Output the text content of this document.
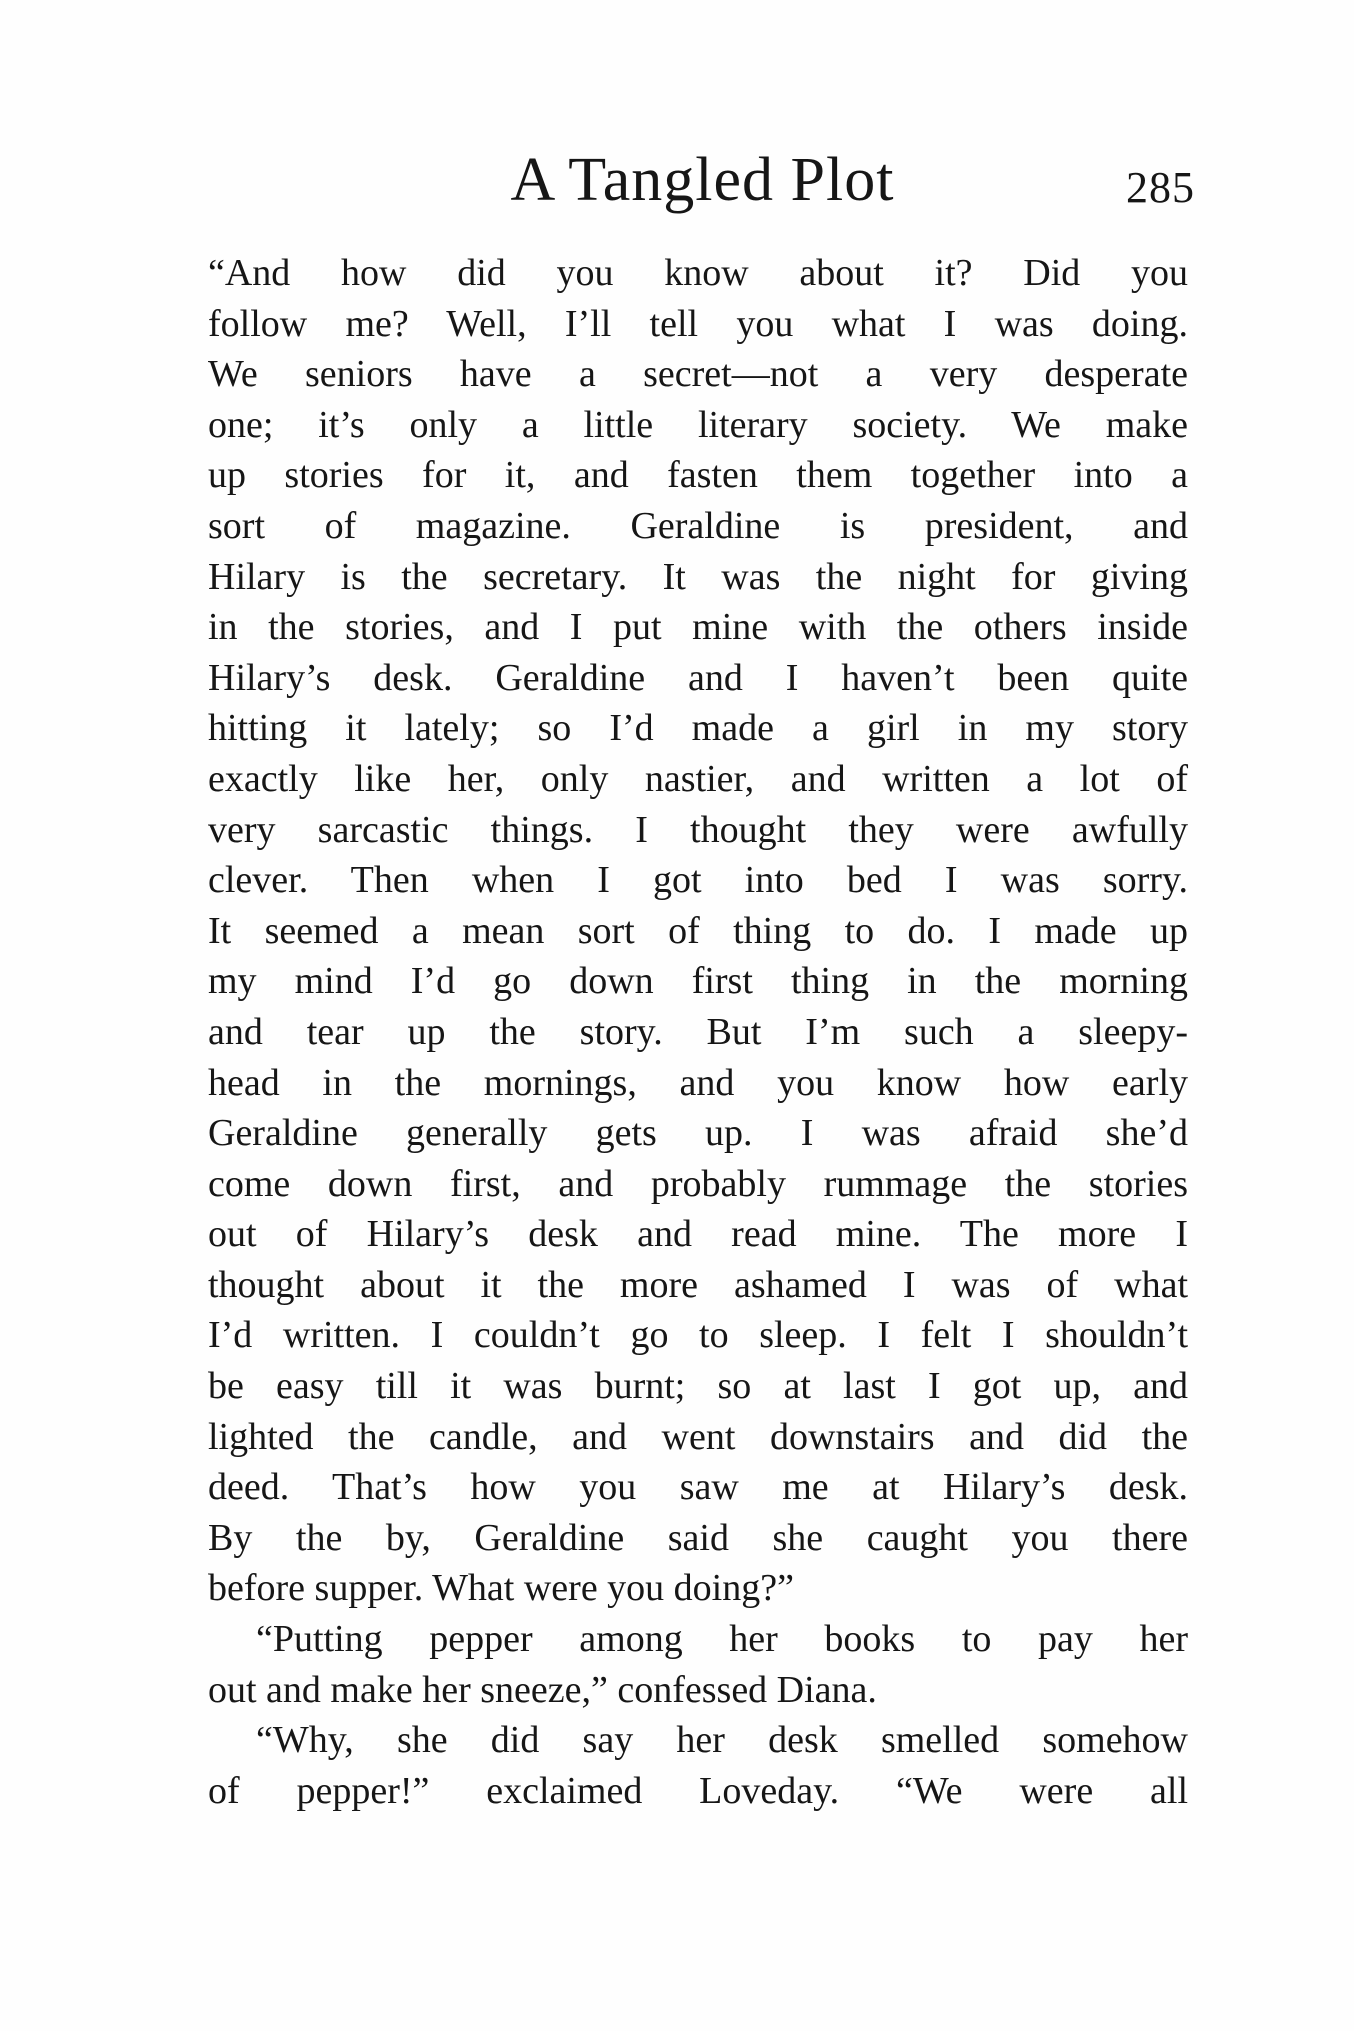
A Tangled Plot	285
“And how did you know about it? Did you
follow me? Well, I’ll tell you what I was doing.
We seniors have a secret—not a very desperate
one; it’s only a little literary society. We make
up stories for it, and fasten them together into a
sort of magazine. Geraldine is president, and
Hilary is the secretary. It was the night for giving
in the stories, and I put mine with the others inside
Hilary’s desk. Geraldine and I haven’t been quite
hitting it lately; so I’d made a girl in my story
exactly like her, only nastier, and written a lot of
very sarcastic things. I thought they were awfully
clever. Then when I got into bed I was sorry.
It seemed a mean sort of thing to do. I made up
my mind I’d go down first thing in the morning
and tear up the story. But I’m such a sleepy-
head in the mornings, and you know how early
Geraldine generally gets up. I was afraid she’d
come down first, and probably rummage the stories
out of Hilary’s desk and read mine. The more I
thought about it the more ashamed I was of what
I’d written. I couldn’t go to sleep. I felt I shouldn’t
be easy till it was burnt; so at last I got up, and
lighted the candle, and went downstairs and did the
deed. That’s how you saw me at Hilary’s desk.
By the by, Geraldine said she caught you there
before supper. What were you doing?”
“Putting pepper among her books to pay her
out and make her sneeze,” confessed Diana.
“Why, she did say her desk smelled somehow
of pepper!” exclaimed Loveday. “We were all
